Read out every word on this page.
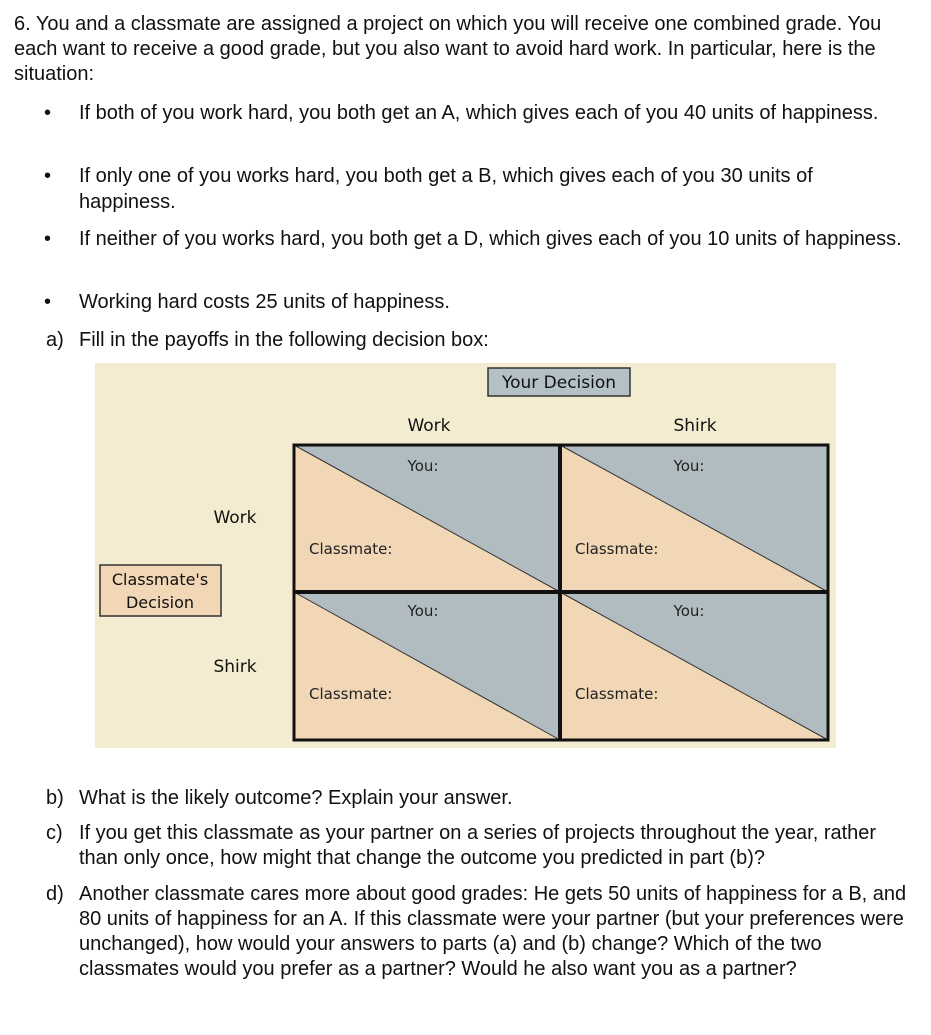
6. You and a classmate are assigned a project on which you will receive one combined grade. You each want to receive a good grade, but you also want to avoid hard work. In particular, here is the situation:
• If both of you work hard, you both get an A, which gives each of you 40 units of happiness.
• If only one of you works hard, you both get a B, which gives each of you 30 units of happiness.
• If neither of you works hard, you both get a D, which gives each of you 10 units of happiness.
• Working hard costs 25 units of happiness.
a) Fill in the payoffs in the following decision box:
Your Decision
Work	Shirk
Work
Shirk
Classmate's
Decision
You:
Classmate:
You:
Classmate:
You:
Classmate:
You:
Classmate:
b) What is the likely outcome? Explain your answer.
c) If you get this classmate as your partner on a series of projects throughout the year, rather than only once, how might that change the outcome you predicted in part (b)?
d) Another classmate cares more about good grades: He gets 50 units of happiness for a B, and 80 units of happiness for an A. If this classmate were your partner (but your preferences were unchanged), how would your answers to parts (a) and (b) change? Which of the two classmates would you prefer as a partner? Would he also want you as a partner?
